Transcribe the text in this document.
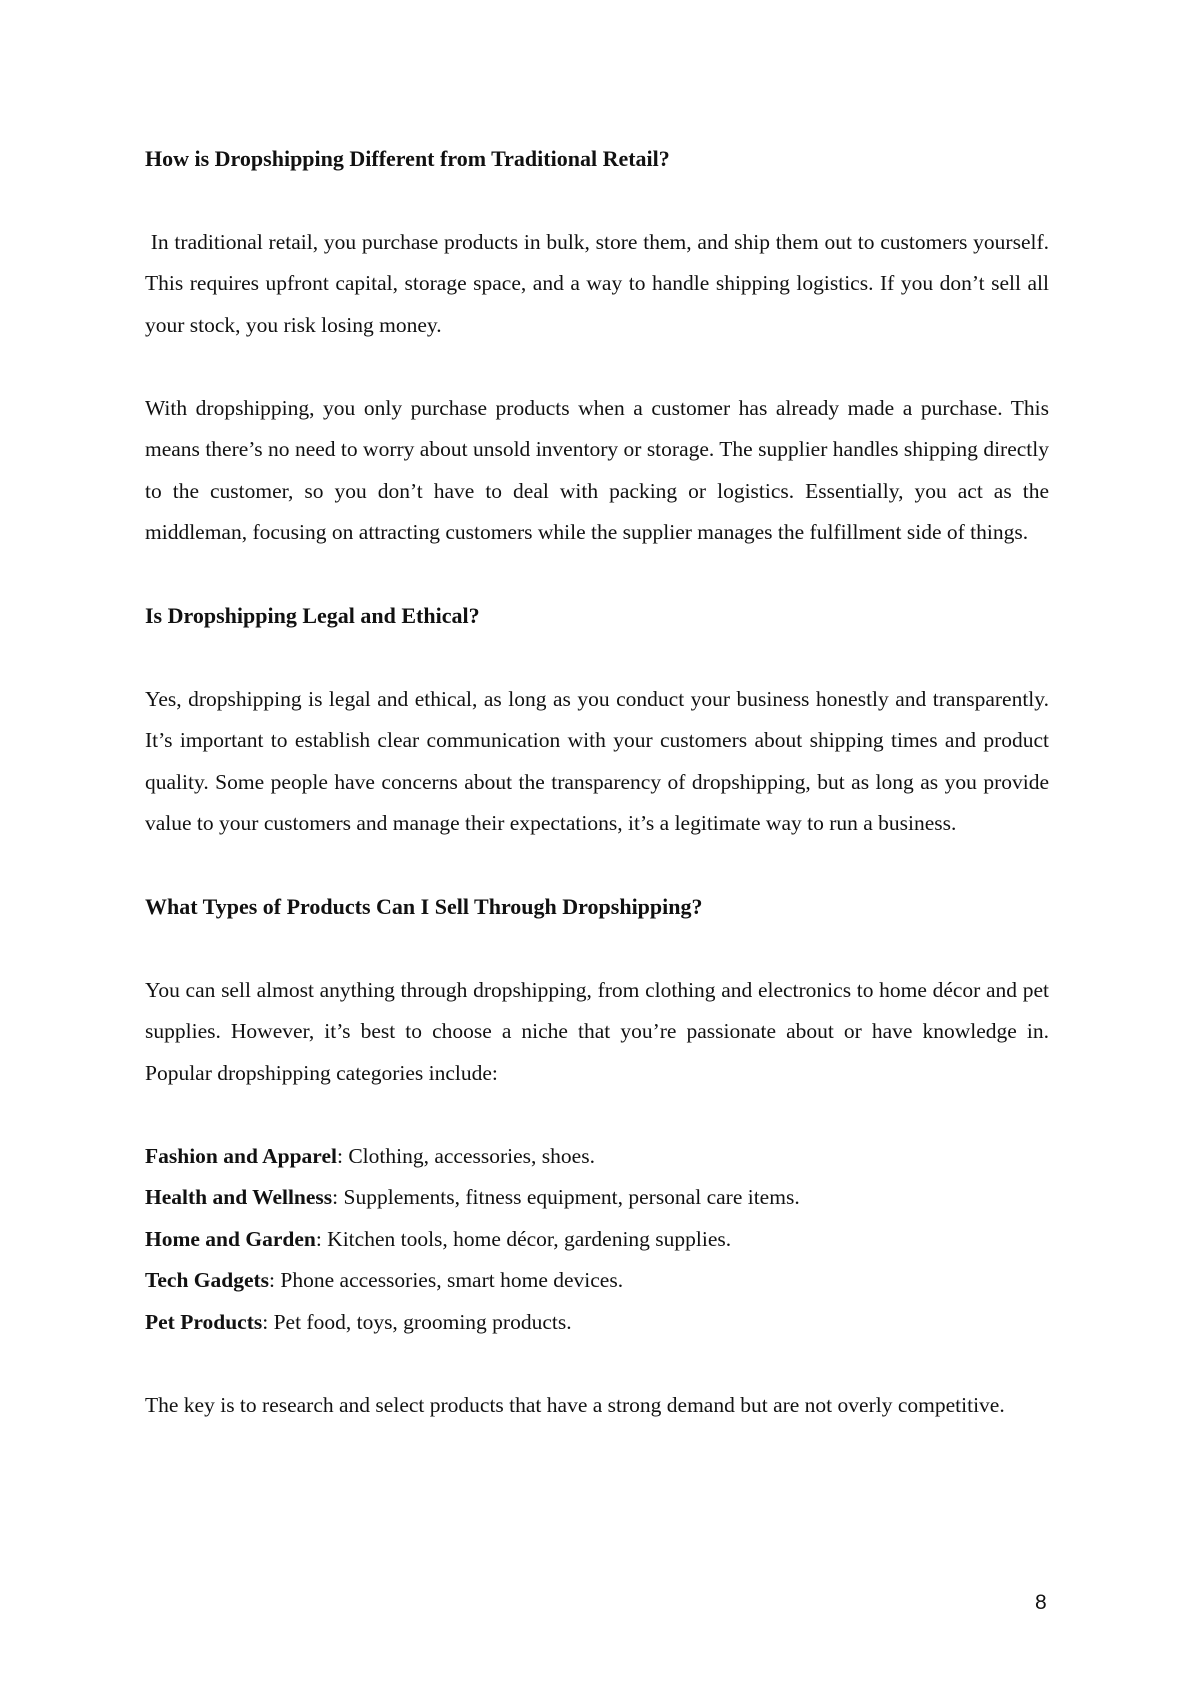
How is Dropshipping Different from Traditional Retail?

In traditional retail, you purchase products in bulk, store them, and ship them out to customers yourself. This requires upfront capital, storage space, and a way to handle shipping logistics. If you don’t sell all your stock, you risk losing money.

With dropshipping, you only purchase products when a customer has already made a purchase. This means there’s no need to worry about unsold inventory or storage. The supplier handles shipping directly to the customer, so you don’t have to deal with packing or logistics. Essentially, you act as the middleman, focusing on attracting customers while the supplier manages the fulfillment side of things.

Is Dropshipping Legal and Ethical?

Yes, dropshipping is legal and ethical, as long as you conduct your business honestly and transparently. It’s important to establish clear communication with your customers about shipping times and product quality. Some people have concerns about the transparency of dropshipping, but as long as you provide value to your customers and manage their expectations, it’s a legitimate way to run a business.

What Types of Products Can I Sell Through Dropshipping?

You can sell almost anything through dropshipping, from clothing and electronics to home décor and pet supplies. However, it’s best to choose a niche that you’re passionate about or have knowledge in. Popular dropshipping categories include:

Fashion and Apparel: Clothing, accessories, shoes.

Health and Wellness: Supplements, fitness equipment, personal care items.

Home and Garden: Kitchen tools, home décor, gardening supplies.

Tech Gadgets: Phone accessories, smart home devices.

Pet Products: Pet food, toys, grooming products.

The key is to research and select products that have a strong demand but are not overly competitive.

8
